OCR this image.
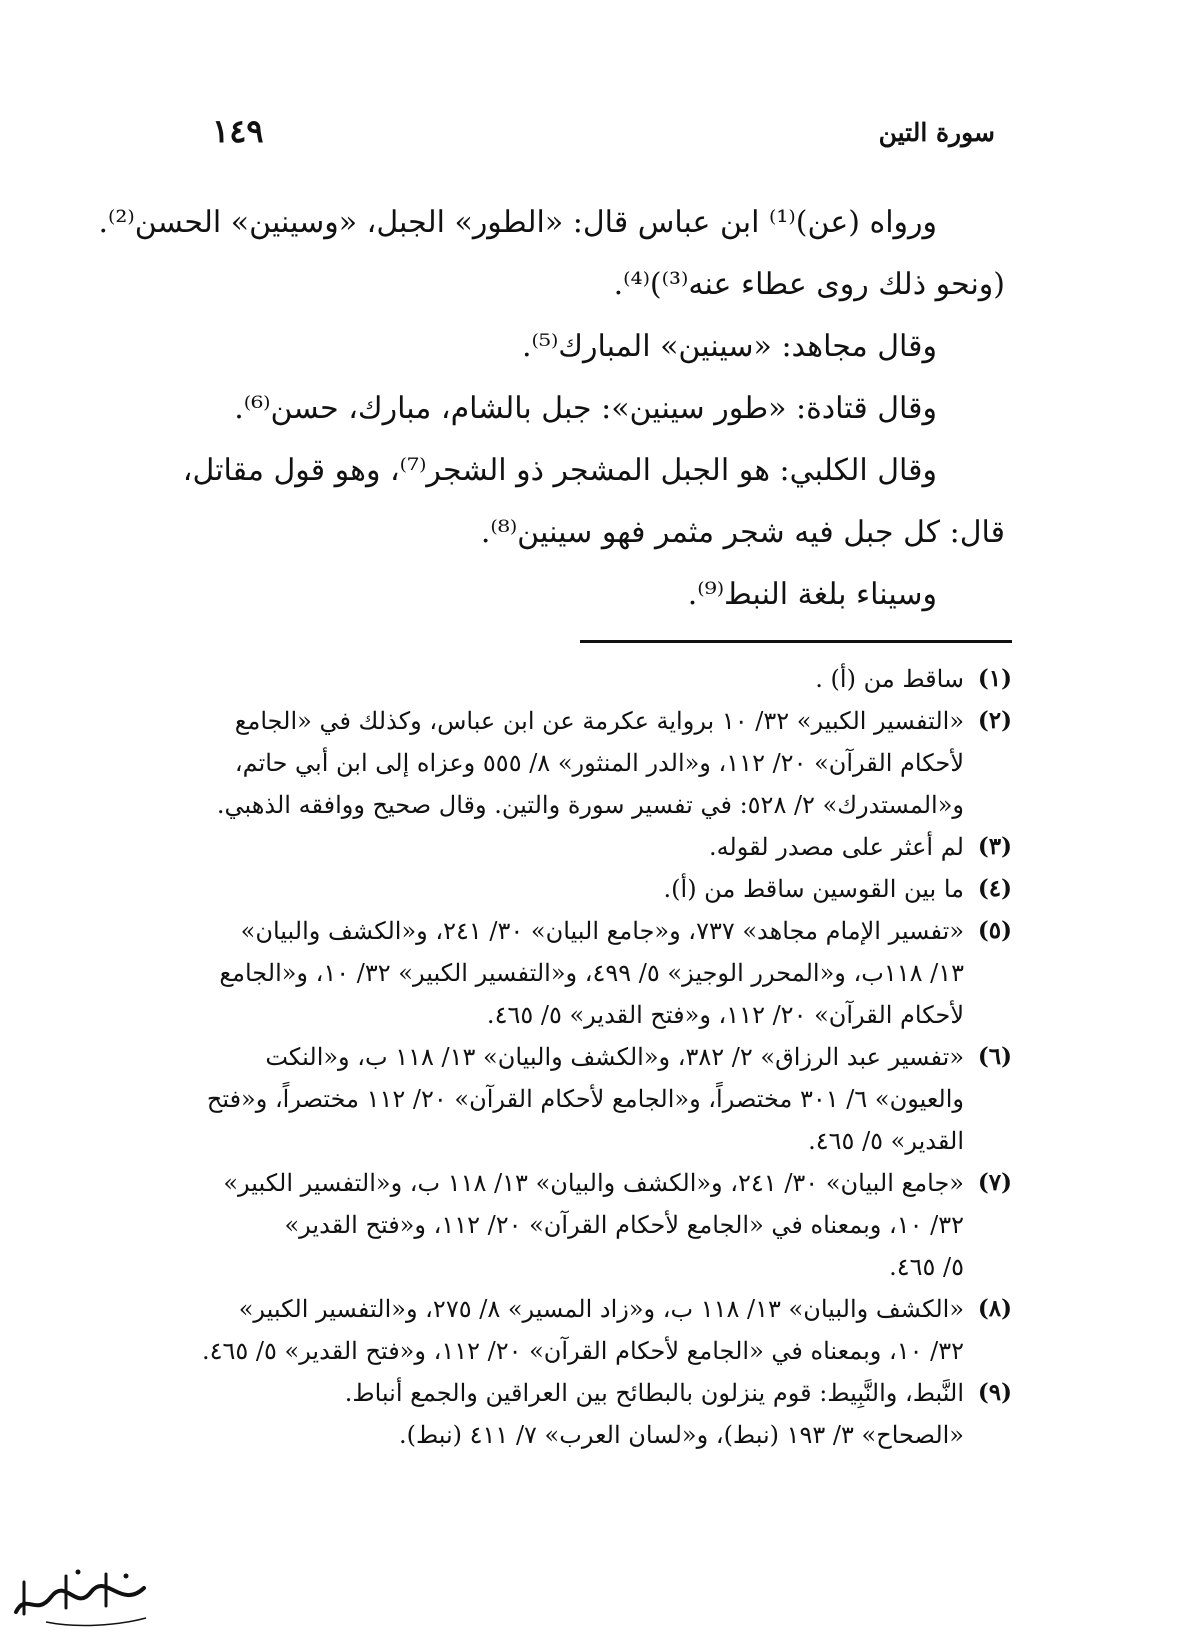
سورة التين
١٤٩
ورواه (عن)⁽¹⁾ ابن عباس قال: «الطور» الجبل، «وسينين» الحسن⁽²⁾.
(ونحو ذلك روى عطاء عنه⁽³⁾)⁽⁴⁾.
وقال مجاهد: «سينين» المبارك⁽⁵⁾.
وقال قتادة: «طور سينين»: جبل بالشام، مبارك، حسن⁽⁶⁾.
وقال الكلبي: هو الجبل المشجر ذو الشجر⁽⁷⁾، وهو قول مقاتل،
قال: كل جبل فيه شجر مثمر فهو سينين⁽⁸⁾.
وسيناء بلغة النبط⁽⁹⁾.
(١)
ساقط من (أ) .
(٢)
«التفسير الكبير» ٣٢/ ١٠ برواية عكرمة عن ابن عباس، وكذلك في «الجامع
لأحكام القرآن» ٢٠/ ١١٢، و«الدر المنثور» ٨/ ٥٥٥ وعزاه إلى ابن أبي حاتم،
و«المستدرك» ٢/ ٥٢٨: في تفسير سورة والتين. وقال صحيح ووافقه الذهبي.
(٣)
لم أعثر على مصدر لقوله.
(٤)
ما بين القوسين ساقط من (أ).
(٥)
«تفسير الإمام مجاهد» ٧٣٧، و«جامع البيان» ٣٠/ ٢٤١، و«الكشف والبيان»
١٣/ ١١٨ب، و«المحرر الوجيز» ٥/ ٤٩٩، و«التفسير الكبير» ٣٢/ ١٠، و«الجامع
لأحكام القرآن» ٢٠/ ١١٢، و«فتح القدير» ٥/ ٤٦٥.
(٦)
«تفسير عبد الرزاق» ٢/ ٣٨٢، و«الكشف والبيان» ١٣/ ١١٨ ب، و«النكت
والعيون» ٦/ ٣٠١ مختصراً، و«الجامع لأحكام القرآن» ٢٠/ ١١٢ مختصراً، و«فتح
القدير» ٥/ ٤٦٥.
(٧)
«جامع البيان» ٣٠/ ٢٤١، و«الكشف والبيان» ١٣/ ١١٨ ب، و«التفسير الكبير»
٣٢/ ١٠، وبمعناه في «الجامع لأحكام القرآن» ٢٠/ ١١٢، و«فتح القدير»
٥/ ٤٦٥.
(٨)
«الكشف والبيان» ١٣/ ١١٨ ب، و«زاد المسير» ٨/ ٢٧٥، و«التفسير الكبير»
٣٢/ ١٠، وبمعناه في «الجامع لأحكام القرآن» ٢٠/ ١١٢، و«فتح القدير» ٥/ ٤٦٥.
(٩)
النَّبط، والنَّبِيط: قوم ينزلون بالبطائح بين العراقين والجمع أنباط.
«الصحاح» ٣/ ١٩٣ (نبط)، و«لسان العرب» ٧/ ٤١١ (نبط).
